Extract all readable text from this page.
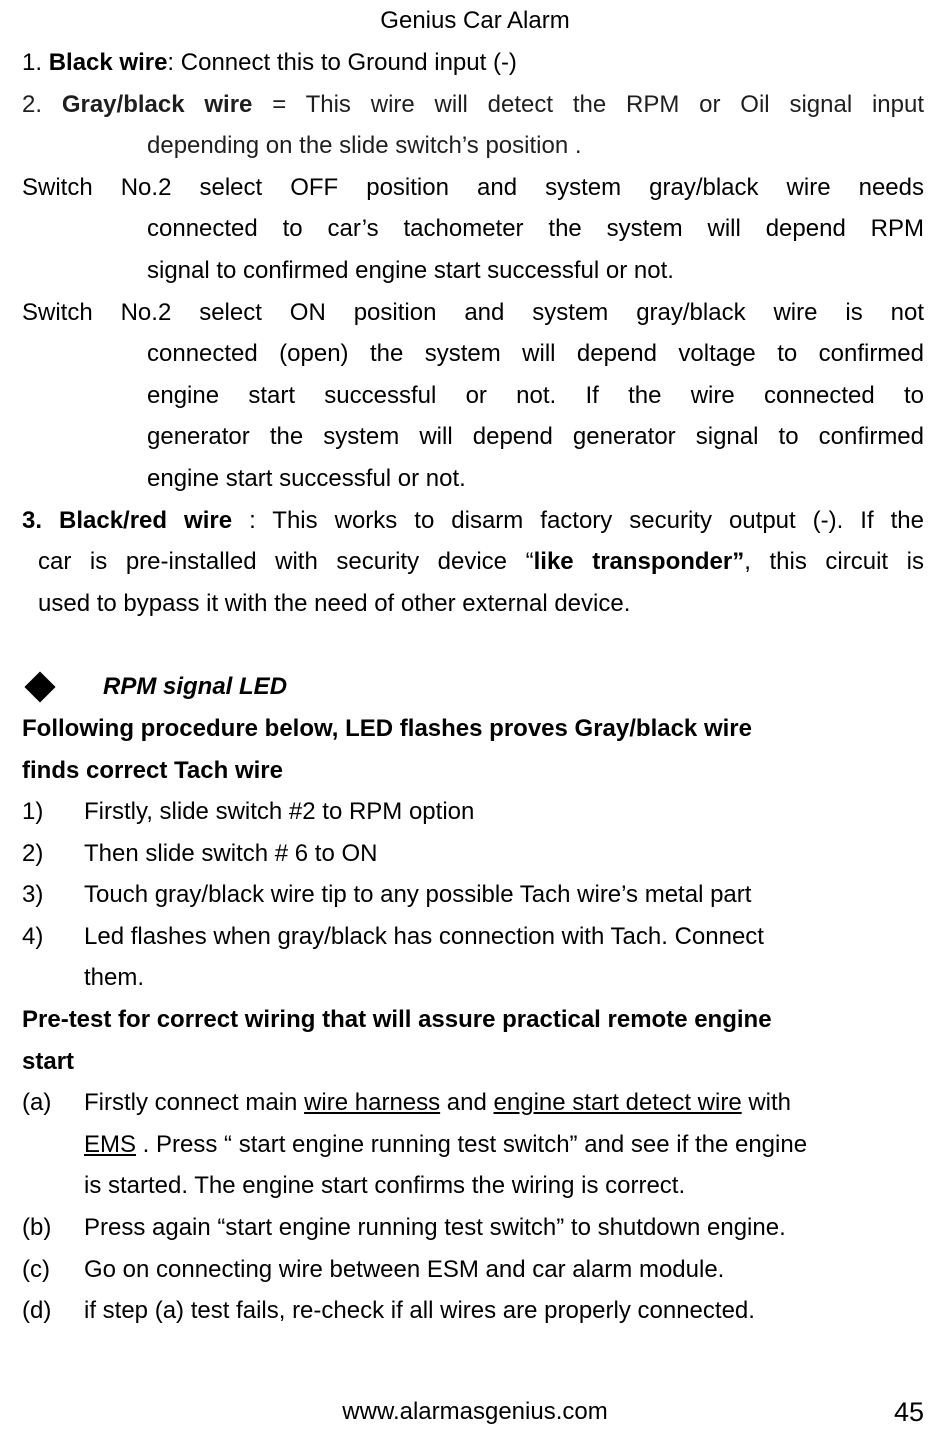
Genius Car Alarm

1. Black wire: Connect this to Ground input (-)

2. Gray/black wire = This wire will detect the RPM or Oil signal input

depending on the slide switch’s position .

Switch No.2 select OFF position and system gray/black wire needs

connected to car’s tachometer the system will depend RPM

signal to confirmed engine start successful or not.

Switch No.2 select ON position and system gray/black wire is not

connected (open) the system will depend voltage to confirmed

engine start successful or not. If the wire connected to

generator the system will depend generator signal to confirmed

engine start successful or not.

3. Black/red wire : This works to disarm factory security output (-). If the

car is pre-installed with security device “like transponder”, this circuit is

used to bypass it with the need of other external device.

RPM signal LED

Following procedure below, LED flashes proves Gray/black wire

finds correct Tach wire

1)	Firstly, slide switch #2 to RPM option
2)	Then slide switch # 6 to ON
3)	Touch gray/black wire tip to any possible Tach wire’s metal part
4)	Led flashes when gray/black has connection with Tach. Connect
them.

Pre-test for correct wiring that will assure practical remote engine

start

(a)	Firstly connect main wire harness and engine start detect wire with
EMS . Press “ start engine running test switch” and see if the engine
is started. The engine start confirms the wiring is correct.
(b)	Press again “start engine running test switch” to shutdown engine.
(c)	Go on connecting wire between ESM and car alarm module.
(d)	if step (a) test fails, re-check if all wires are properly connected.
www.alarmasgenius.com	45
